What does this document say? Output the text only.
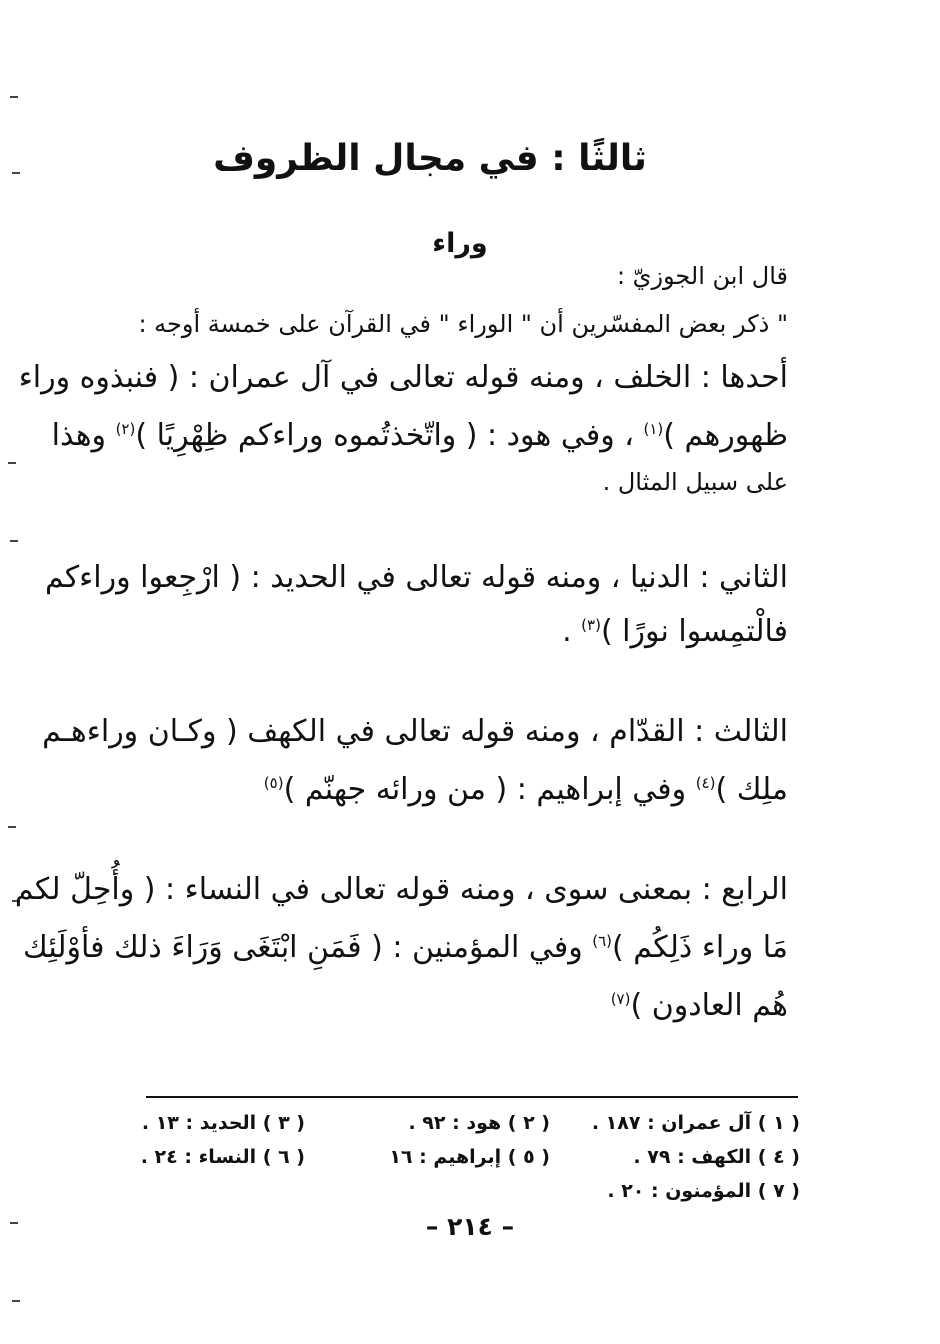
ثالثًا : في مجال الظروف
وراء
قال ابن الجوزيّ :
" ذكر بعض المفسّرين أن " الوراء " في القرآن على خمسة أوجه :
أحدها : الخلف ، ومنه قوله تعالى في آل عمران : ( فنبذوه وراء
ظهورهم )$^{(١)}$ ، وفي هود : ( واتّخذتُموه وراءكم ظِهْرِيًا )$^{(٢)}$ وهذا
على سبيل المثال .
الثاني : الدنيا ، ومنه قوله تعالى في الحديد : ( ارْجِعوا وراءكم
فالْتمِسوا نورًا )$^{(٣)}$ .
الثالث : القدّام ، ومنه قوله تعالى في الكهف ( وكـان وراءهـم
ملِك )$^{(٤)}$ وفي إبراهيم : ( من ورائه جهنّم )$^{(٥)}$
الرابع : بمعنى سوى ، ومنه قوله تعالى في النساء : ( وأُحِلّ لكم
مَا وراء ذَلِكُم )$^{(٦)}$ وفي المؤمنين : ( فَمَنِ ابْتَغَى وَرَاءَ ذلك فأوْلَئِك
هُم العادون )$^{(٧)}$
( ١ ) آل عمران : ١٨٧ .
( ٢ ) هود : ٩٢ .
( ٣ ) الحديد : ١٣ .
( ٤ ) الكهف : ٧٩ .
( ٥ ) إبراهيم : ١٦
( ٦ ) النساء : ٢٤ .
( ٧ ) المؤمنون : ٢٠ .
– ٢١٤ –
